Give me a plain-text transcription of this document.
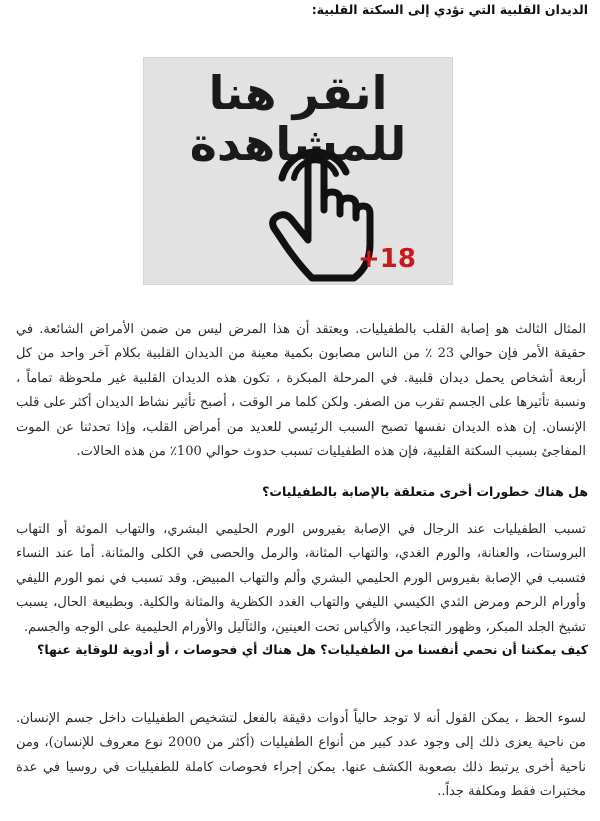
الديدان القلبية التي تؤدي إلى السكتة القلبية:
انقر هنا للمشاهدة
+18

المثال الثالث هو إصابة القلب بالطفيليات. ويعتقد أن هذا المرض ليس من ضمن الأمراض الشائعة. في حقيقة الأمر فإن حوالي 23 ٪ من الناس مصابون بكمية معينة من الديدان القلبية بكلام آخر واحد من كل أربعة أشخاص يحمل ديدان قلبية. في المرحلة المبكرة ، تكون هذه الديدان القلبية غير ملحوظة تماماً ، ونسبة تأثيرها على الجسم تقرب من الصفر. ولكن كلما مر الوقت ، أصبح تأثير نشاط الديدان أكثر على قلب الإنسان. إن هذه الديدان نفسها تصبح السبب الرئيسي للعديد من أمراض القلب، وإذا تحدثنا عن الموت المفاجئ بسبب السكتة القلبية، فإن هذه الطفيليات تسبب حدوث حوالي 100٪ من هذه الحالات.

هل هناك خطورات أخرى متعلقة بالإصابة بالطفيليات؟

تسبب الطفيليات عند الرجال في الإصابة بفيروس الورم الحليمي البشري، والتهاب الموثة أو التهاب البروستات، والعنانة، والورم الغدي، والتهاب المثانة، والرمل والحصى في الكلى والمثانة. أما عند النساء فتسبب في الإصابة بفيروس الورم الحليمي البشري وألم والتهاب المبيض. وقد تسبب في نمو الورم الليفي وأورام الرحم ومرض الثدي الكيسي الليفي والتهاب الغدد الكظرية والمثانة والكلية. وبطبيعة الحال، يسبب تشيخ الجلد المبكر، وظهور التجاعيد، والأكياس تحت العينين، والثآليل والأورام الحليمية على الوجه والجسم.

كيف يمكننا أن نحمي أنفسنا من الطفيليات؟ هل هناك أي فحوصات ، أو أدوية للوقاية عنها؟

لسوء الحظ ، يمكن القول أنه لا توجد حالياً أدوات دقيقة بالفعل لتشخيص الطفيليات داخل جسم الإنسان. من ناحية يعزى ذلك إلى وجود عدد كبير من أنواع الطفيليات (أكثر من 2000 نوع معروف للإنسان)، ومن ناحية أخرى يرتبط ذلك بصعوبة الكشف عنها. يمكن إجراء فحوصات كاملة للطفيليات في روسيا في عدة مختبرات فقط ومكلفة جداً..
